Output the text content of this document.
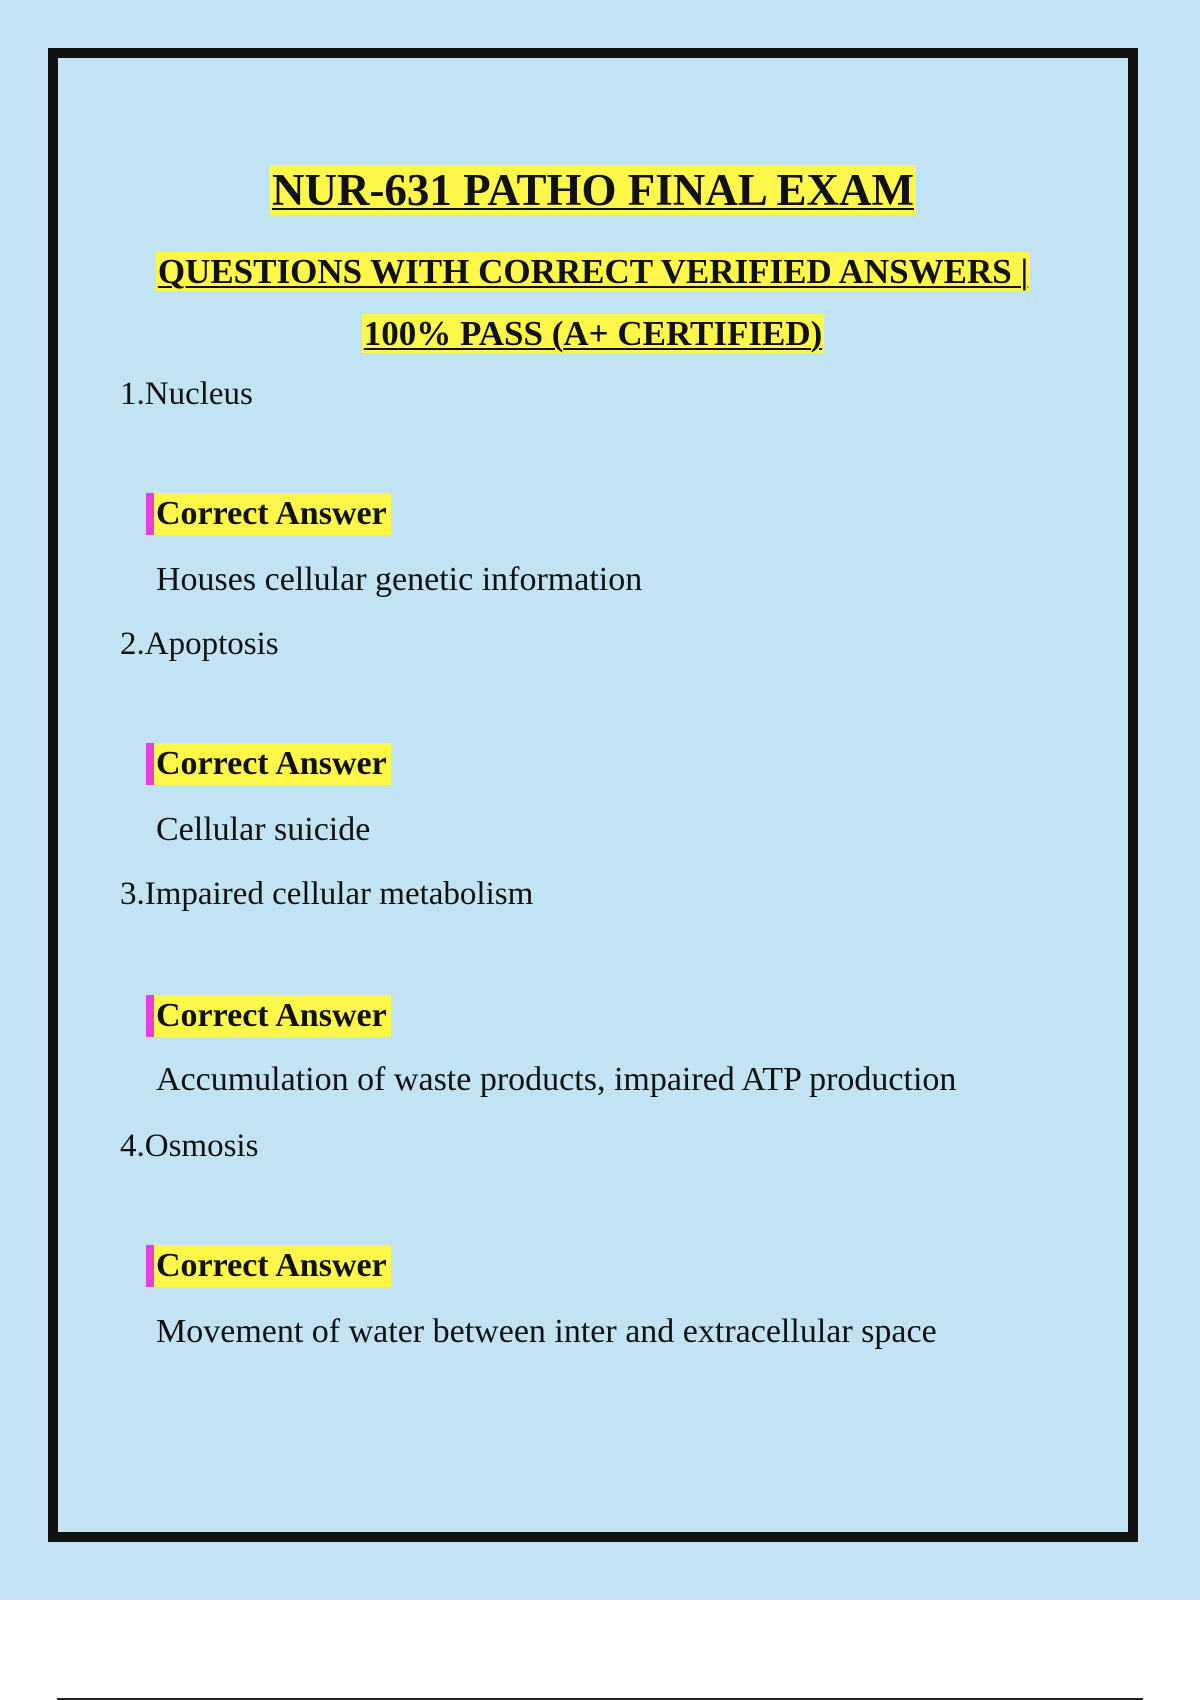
NUR-631 PATHO FINAL EXAM

QUESTIONS WITH CORRECT VERIFIED ANSWERS |

100% PASS (A+ CERTIFIED)

1.Nucleus

Correct Answer

Houses cellular genetic information

2.Apoptosis

Correct Answer

Cellular suicide

3.Impaired cellular metabolism

Correct Answer

Accumulation of waste products, impaired ATP production

4.Osmosis

Correct Answer

Movement of water between inter and extracellular space
